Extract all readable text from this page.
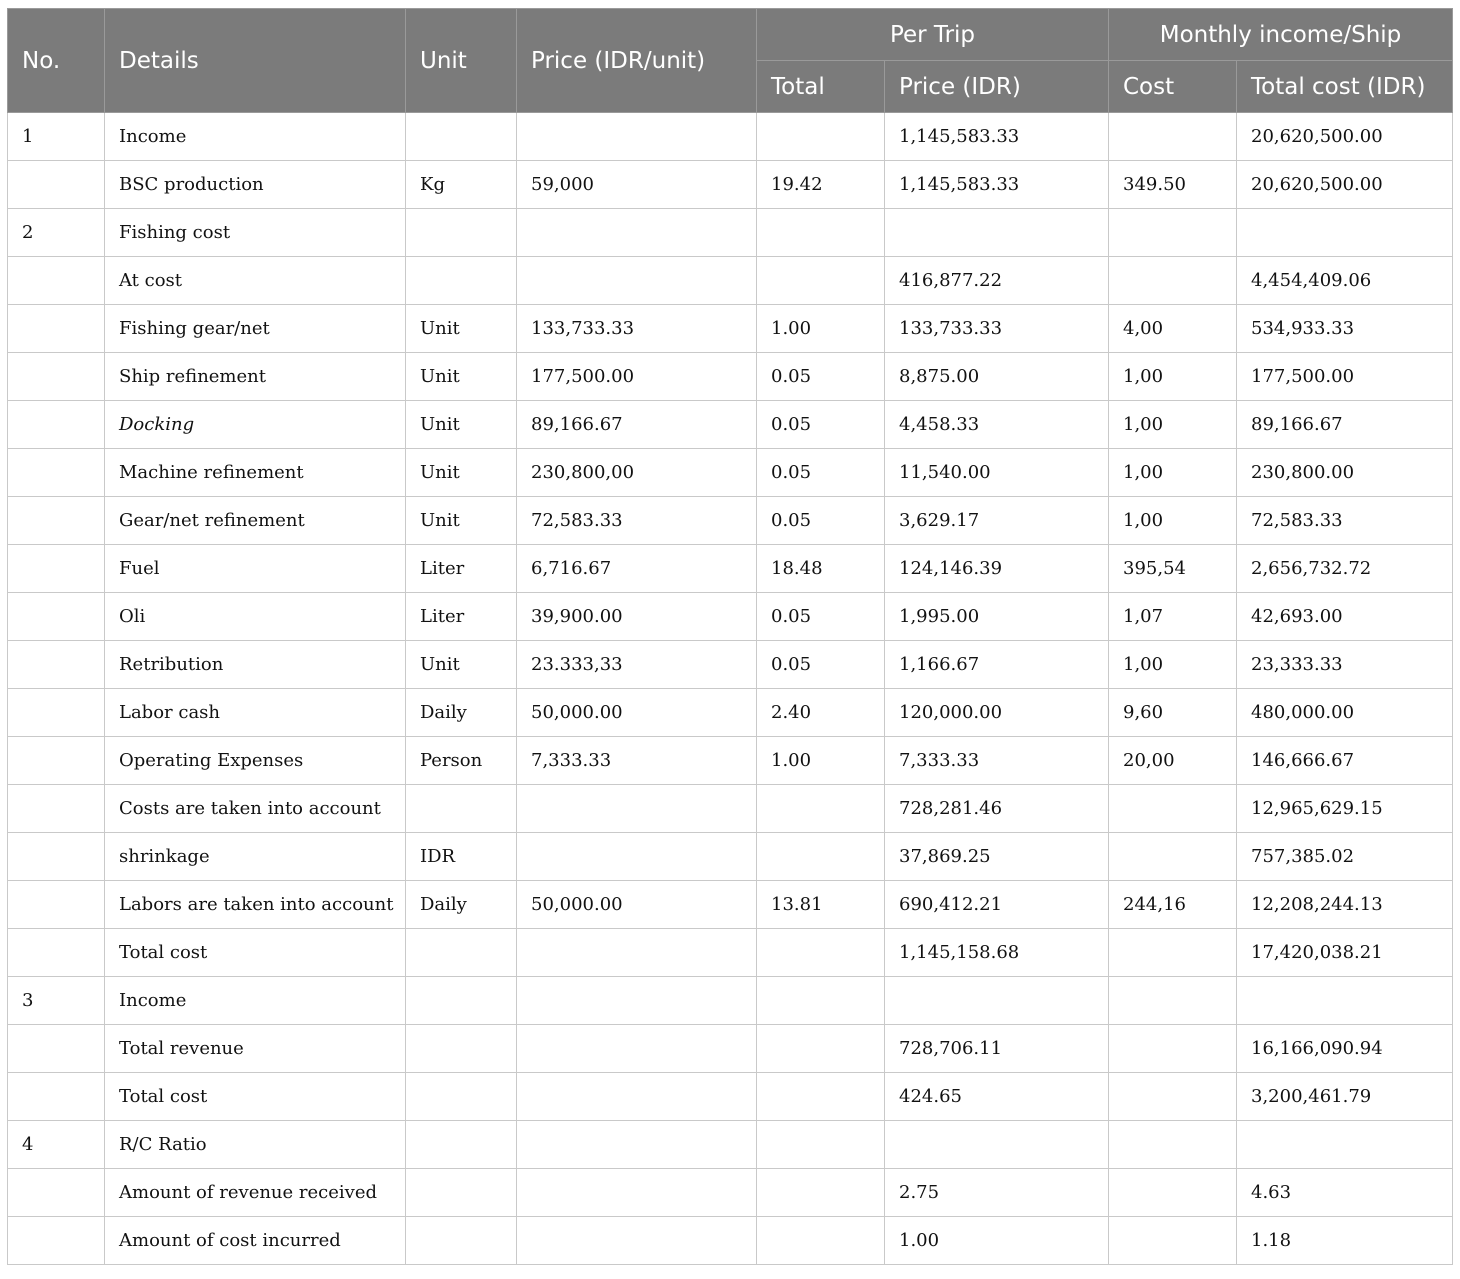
No.	Details	Unit	Price (IDR/unit)	Per Trip		Monthly income/Ship	
				Total	Price (IDR)	Cost	Total cost (IDR)
1	Income				1,145,583.33		20,620,500.00
	BSC production	Kg	59,000	19.42	1,145,583.33	349.50	20,620,500.00
2	Fishing cost						
	At cost				416,877.22		4,454,409.06
	Fishing gear/net	Unit	133,733.33	1.00	133,733.33	4,00	534,933.33
	Ship refinement	Unit	177,500.00	0.05	8,875.00	1,00	177,500.00
	Docking	Unit	89,166.67	0.05	4,458.33	1,00	89,166.67
	Machine refinement	Unit	230,800,00	0.05	11,540.00	1,00	230,800.00
	Gear/net refinement	Unit	72,583.33	0.05	3,629.17	1,00	72,583.33
	Fuel	Liter	6,716.67	18.48	124,146.39	395,54	2,656,732.72
	Oli	Liter	39,900.00	0.05	1,995.00	1,07	42,693.00
	Retribution	Unit	23.333,33	0.05	1,166.67	1,00	23,333.33
	Labor cash	Daily	50,000.00	2.40	120,000.00	9,60	480,000.00
	Operating Expenses	Person	7,333.33	1.00	7,333.33	20,00	146,666.67
	Costs are taken into account				728,281.46		12,965,629.15
	shrinkage	IDR			37,869.25		757,385.02
	Labors are taken into account	Daily	50,000.00	13.81	690,412.21	244,16	12,208,244.13
	Total cost				1,145,158.68		17,420,038.21
3	Income						
	Total revenue				728,706.11		16,166,090.94
	Total cost				424.65		3,200,461.79
4	R/C Ratio						
	Amount of revenue received				2.75		4.63
	Amount of cost incurred				1.00		1.18
